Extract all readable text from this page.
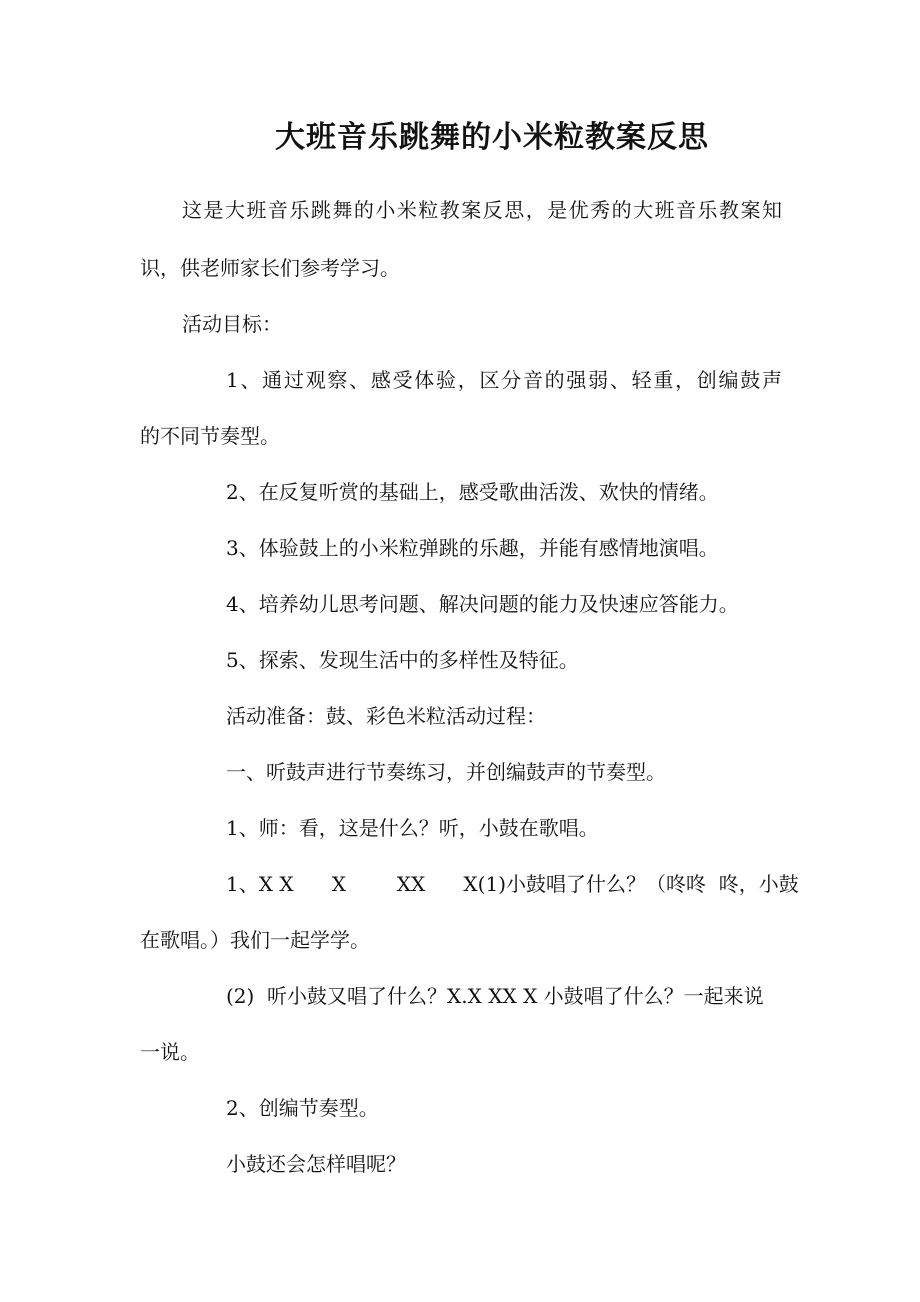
大班音乐跳舞的小米粒教案反思
这是大班音乐跳舞的小米粒教案反思，是优秀的大班音乐教案知
识，供老师家长们参考学习。
活动目标：
1、通过观察、感受体验，区分音的强弱、轻重，创编鼓声
的不同节奏型。
2、在反复听赏的基础上，感受歌曲活泼、欢快的情绪。
3、体验鼓上的小米粒弹跳的乐趣，并能有感情地演唱。
4、培养幼儿思考问题、解决问题的能力及快速应答能力。
5、探索、发现生活中的多样性及特征。
活动准备：鼓、彩色米粒活动过程：
一、听鼓声进行节奏练习，并创编鼓声的节奏型。
1、师：看，这是什么？听，小鼓在歌唱。
1、X X      X        XX      X(1)小鼓唱了什么？（咚咚  咚，小鼓
在歌唱。）我们一起学学。
(2)  听小鼓又唱了什么？X.X XX X 小鼓唱了什么？一起来说
一说。
2、创编节奏型。
小鼓还会怎样唱呢？
